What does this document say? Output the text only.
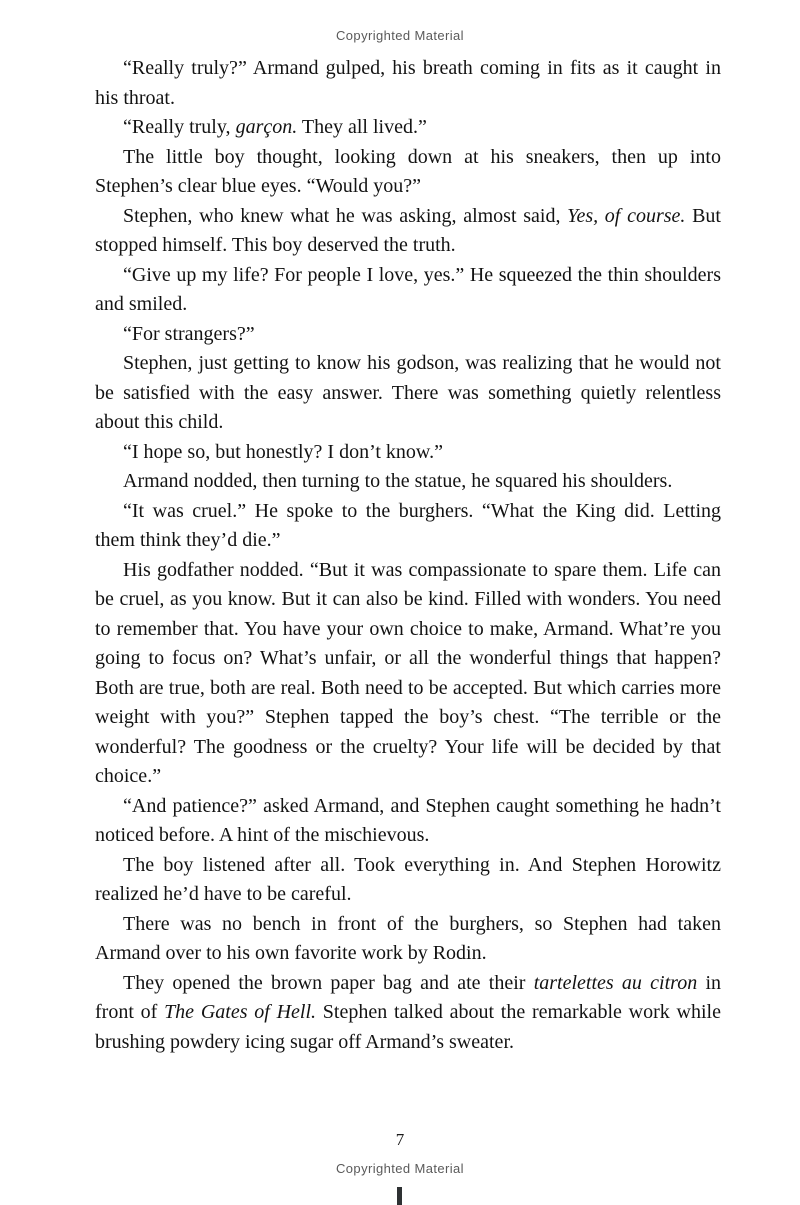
Copyrighted Material

“Really truly?” Armand gulped, his breath coming in fits as it caught in his throat.

“Really truly, garçon. They all lived.”

The little boy thought, looking down at his sneakers, then up into Stephen’s clear blue eyes. “Would you?”

Stephen, who knew what he was asking, almost said, Yes, of course. But stopped himself. This boy deserved the truth.

“Give up my life? For people I love, yes.” He squeezed the thin shoulders and smiled.

“For strangers?”

Stephen, just getting to know his godson, was realizing that he would not be satisfied with the easy answer. There was something quietly relentless about this child.

“I hope so, but honestly? I don’t know.”

Armand nodded, then turning to the statue, he squared his shoulders.

“It was cruel.” He spoke to the burghers. “What the King did. Letting them think they’d die.”

His godfather nodded. “But it was compassionate to spare them. Life can be cruel, as you know. But it can also be kind. Filled with wonders. You need to remember that. You have your own choice to make, Armand. What’re you going to focus on? What’s unfair, or all the wonderful things that happen? Both are true, both are real. Both need to be accepted. But which carries more weight with you?” Stephen tapped the boy’s chest. “The terrible or the wonderful? The goodness or the cruelty? Your life will be decided by that choice.”

“And patience?” asked Armand, and Stephen caught something he hadn’t noticed before. A hint of the mischievous.

The boy listened after all. Took everything in. And Stephen Horowitz realized he’d have to be careful.

There was no bench in front of the burghers, so Stephen had taken Armand over to his own favorite work by Rodin.

They opened the brown paper bag and ate their tartelettes au citron in front of The Gates of Hell. Stephen talked about the remarkable work while brushing powdery icing sugar off Armand’s sweater.

7
Copyrighted Material
